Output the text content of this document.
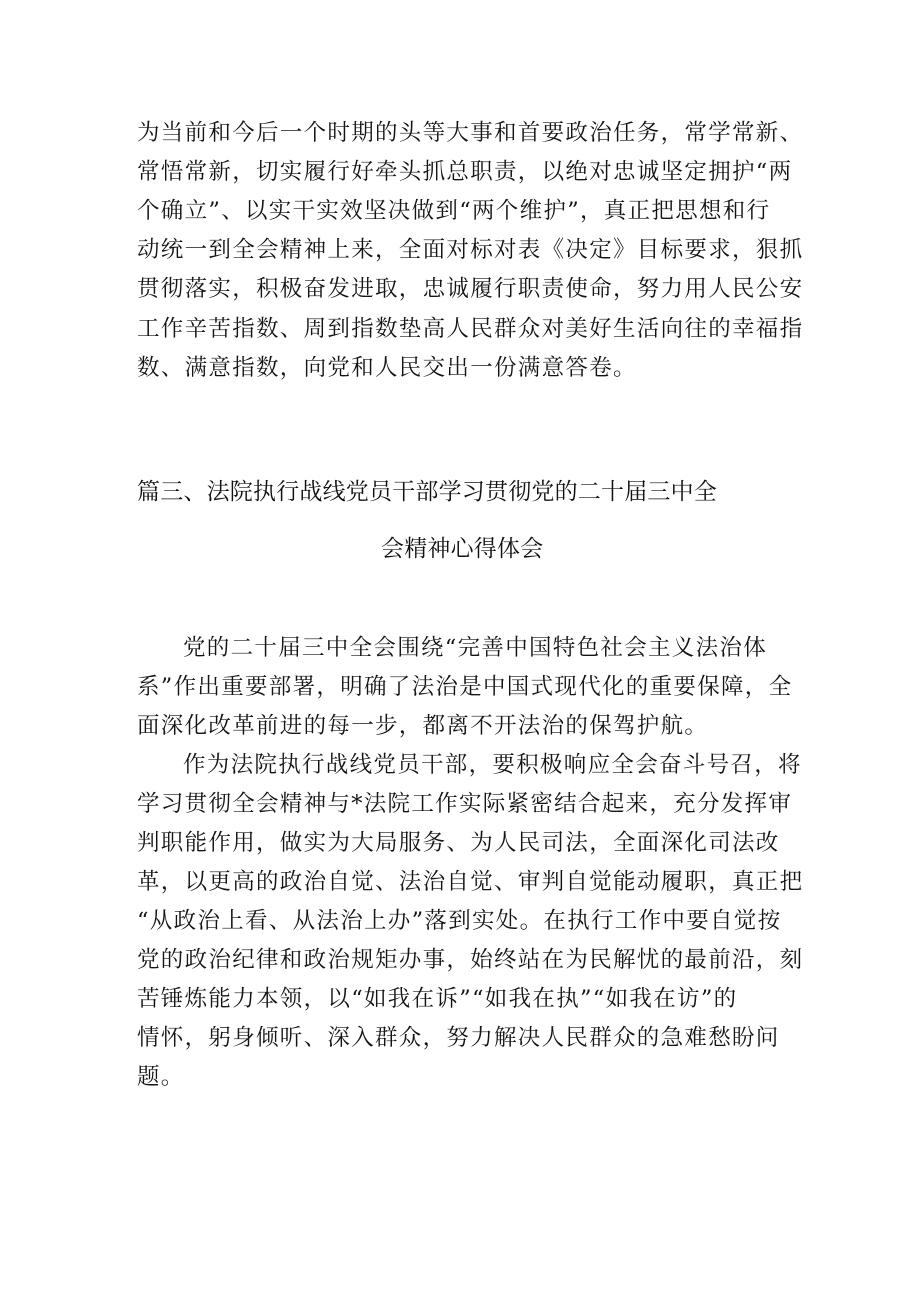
为当前和今后一个时期的头等大事和首要政治任务，常学常新、
常悟常新，切实履行好牵头抓总职责，以绝对忠诚坚定拥护“两
个确立”、以实干实效坚决做到“两个维护”，真正把思想和行
动统一到全会精神上来，全面对标对表《决定》目标要求，狠抓
贯彻落实，积极奋发进取，忠诚履行职责使命，努力用人民公安
工作辛苦指数、周到指数垫高人民群众对美好生活向往的幸福指
数、满意指数，向党和人民交出一份满意答卷。
篇三、法院执行战线党员干部学习贯彻党的二十届三中全
会精神心得体会
党的二十届三中全会围绕“完善中国特色社会主义法治体
系”作出重要部署，明确了法治是中国式现代化的重要保障，全
面深化改革前进的每一步，都离不开法治的保驾护航。
作为法院执行战线党员干部，要积极响应全会奋斗号召，将
学习贯彻全会精神与*法院工作实际紧密结合起来，充分发挥审
判职能作用，做实为大局服务、为人民司法，全面深化司法改
革，以更高的政治自觉、法治自觉、审判自觉能动履职，真正把
“从政治上看、从法治上办”落到实处。在执行工作中要自觉按
党的政治纪律和政治规矩办事，始终站在为民解忧的最前沿，刻
苦锤炼能力本领，以“如我在诉”“如我在执”“如我在访”的
情怀，躬身倾听、深入群众，努力解决人民群众的急难愁盼问
题。
